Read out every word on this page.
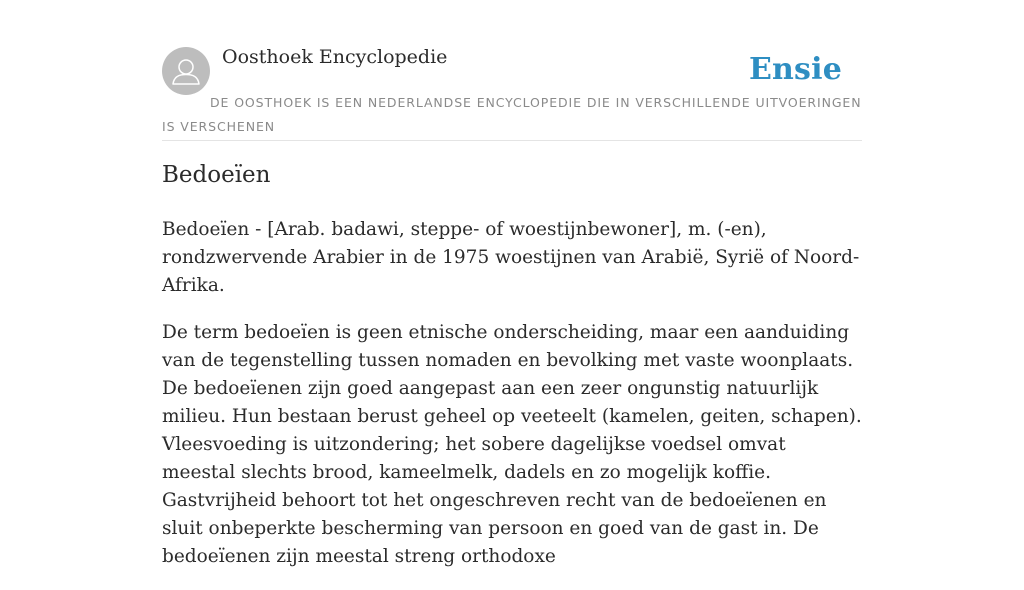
Oosthoek Encyclopedie	Ensie
DE OOSTHOEK IS EEN NEDERLANDSE ENCYCLOPEDIE DIE IN VERSCHILLENDE UITVOERINGEN IS VERSCHENEN
Bedoeïen

Bedoeïen - [Arab. badawi, steppe- of woestijnbewoner], m. (-en), rondzwervende Arabier in de 1975 woestijnen van Arabië, Syrië of Noord-Afrika.

De term bedoeïen is geen etnische onderscheiding, maar een aanduiding van de tegenstelling tussen nomaden en bevolking met vaste woonplaats. De bedoeïenen zijn goed aangepast aan een zeer ongunstig natuurlijk milieu. Hun bestaan berust geheel op veeteelt (kamelen, geiten, schapen). Vleesvoeding is uitzondering; het sobere dagelijkse voedsel omvat meestal slechts brood, kameelmelk, dadels en zo mogelijk koffie. Gastvrijheid behoort tot het ongeschreven recht van de bedoeïenen en sluit onbeperkte bescherming van persoon en goed van de gast in. De bedoeïenen zijn meestal streng orthodoxe
